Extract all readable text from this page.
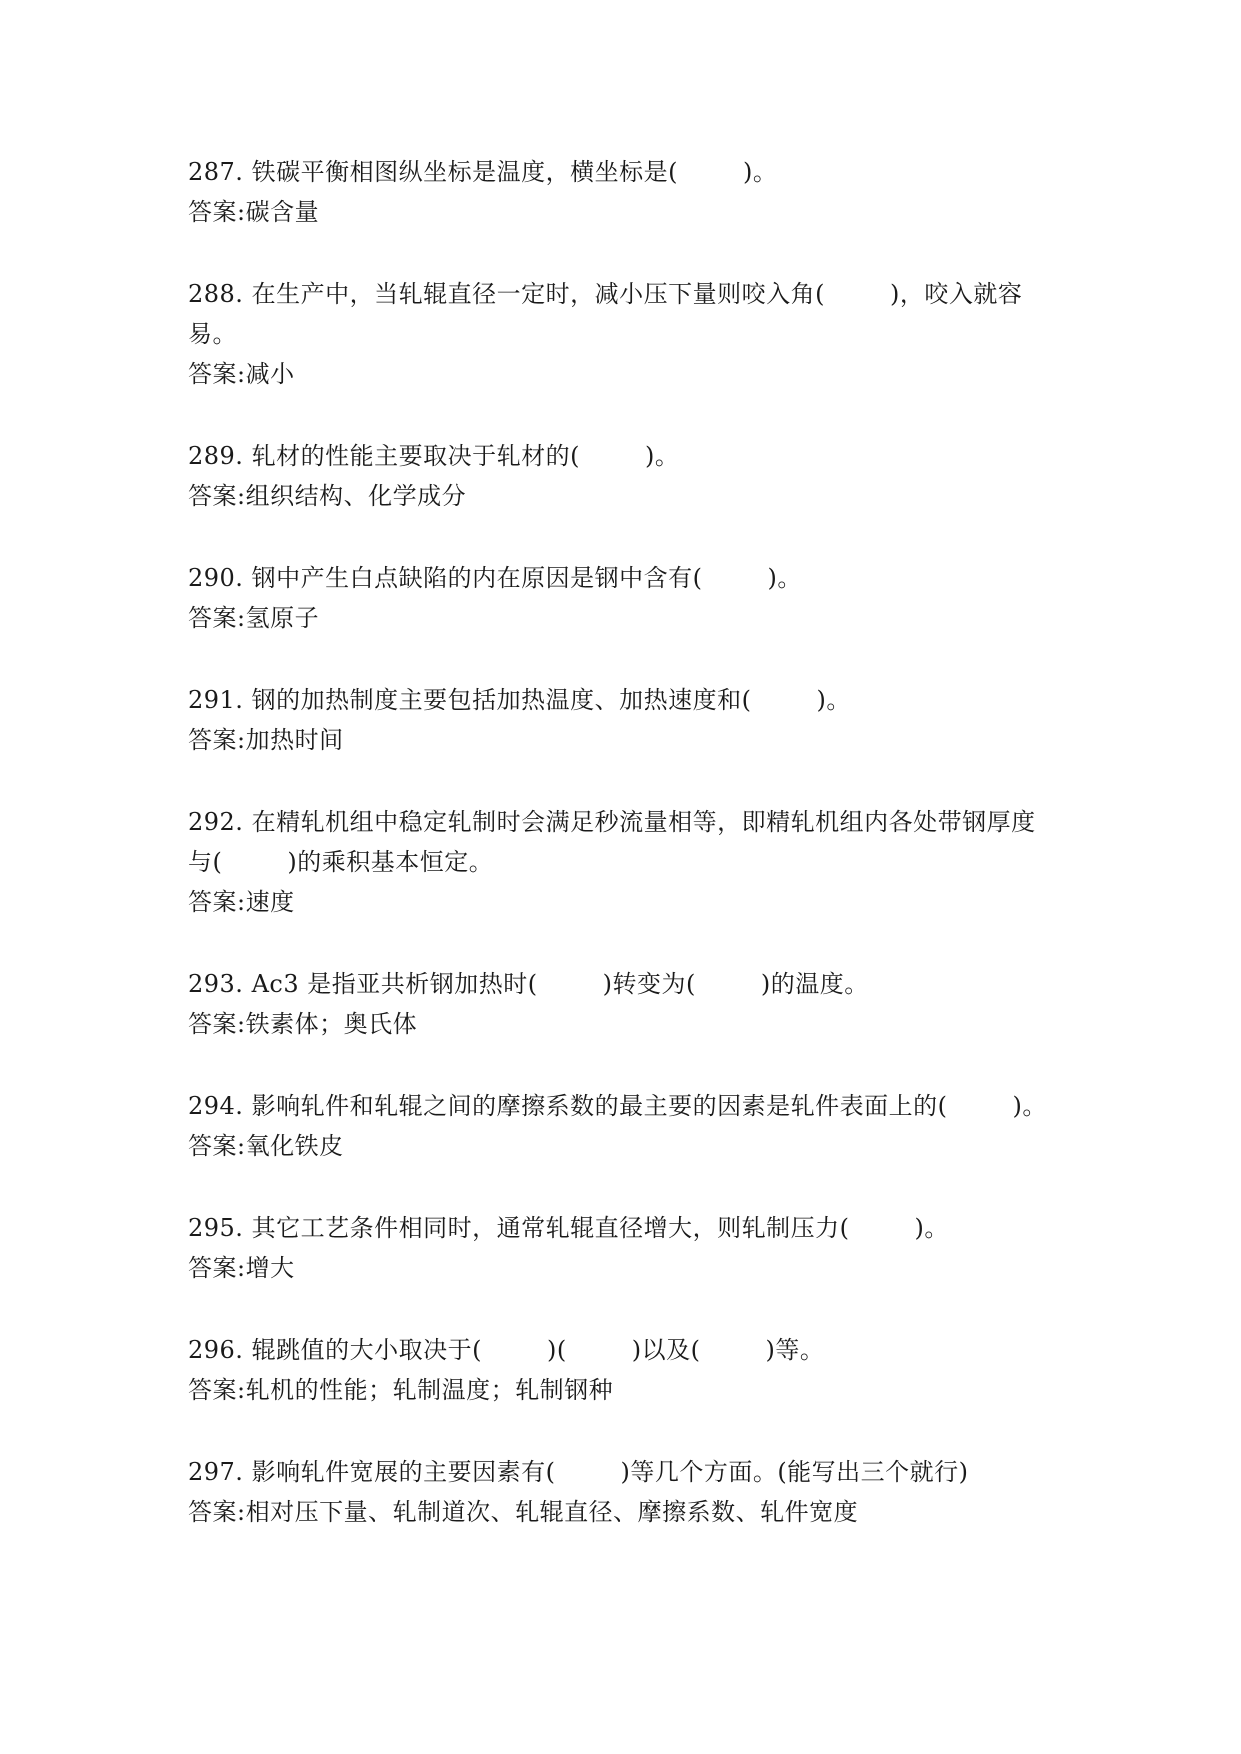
287. 铁碳平衡相图纵坐标是温度，横坐标是(        )。
答案:碳含量
288. 在生产中，当轧辊直径一定时，减小压下量则咬入角(        )，咬入就容
易。
答案:减小
289. 轧材的性能主要取决于轧材的(        )。
答案:组织结构、化学成分
290. 钢中产生白点缺陷的内在原因是钢中含有(        )。
答案:氢原子
291. 钢的加热制度主要包括加热温度、加热速度和(        )。
答案:加热时间
292. 在精轧机组中稳定轧制时会满足秒流量相等，即精轧机组内各处带钢厚度
与(        )的乘积基本恒定。
答案:速度
293. Ac3 是指亚共析钢加热时(        )转变为(        )的温度。
答案:铁素体；奥氏体
294. 影响轧件和轧辊之间的摩擦系数的最主要的因素是轧件表面上的(        )。
答案:氧化铁皮
295. 其它工艺条件相同时，通常轧辊直径增大，则轧制压力(        )。
答案:增大
296. 辊跳值的大小取决于(        )(        )以及(        )等。
答案:轧机的性能；轧制温度；轧制钢种
297. 影响轧件宽展的主要因素有(        )等几个方面。(能写出三个就行)
答案:相对压下量、轧制道次、轧辊直径、摩擦系数、轧件宽度
